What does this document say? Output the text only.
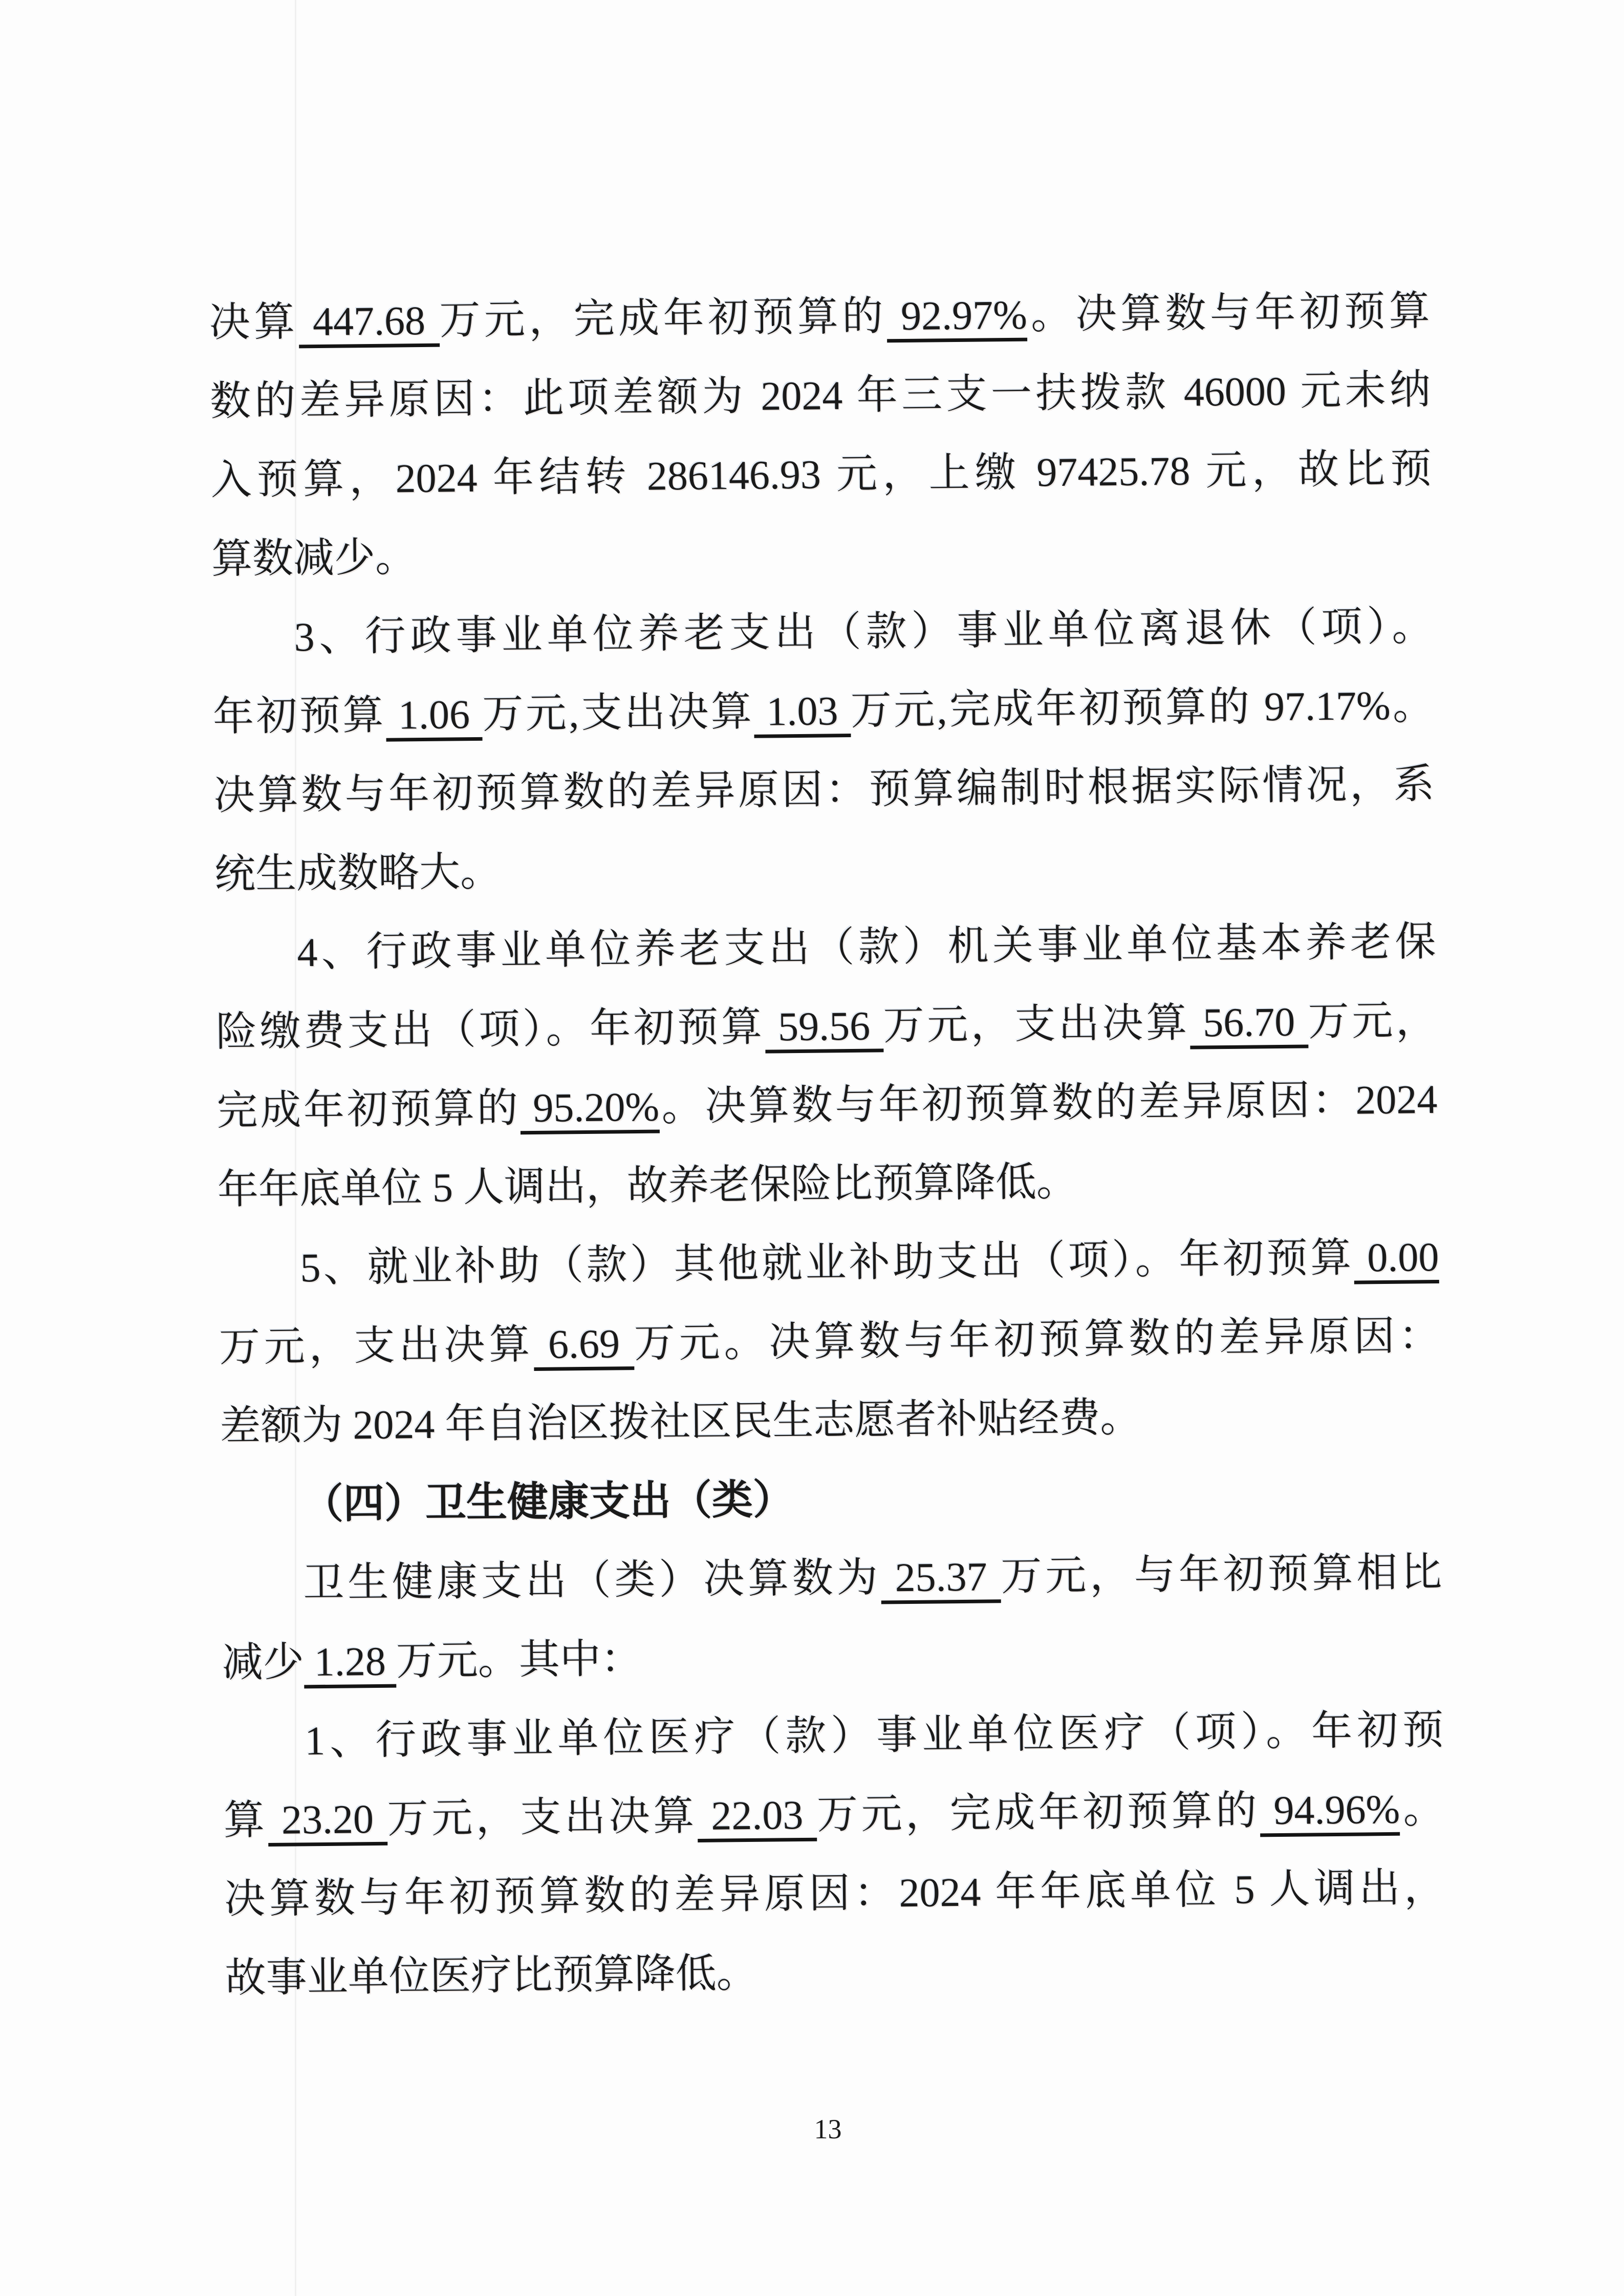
决算 447.68 万元，完成年初预算的 92.97%。决算数与年初预算
数的差异原因：此项差额为 2024 年三支一扶拨款 46000 元未纳
入预算，2024 年结转 286146.93 元，上缴 97425.78 元，故比预
算数减少。
3、行政事业单位养老支出（款）事业单位离退休（项）。
年初预算 1.06 万元,支出决算 1.03 万元,完成年初预算的 97.17%。
决算数与年初预算数的差异原因：预算编制时根据实际情况，系
统生成数略大。
4、行政事业单位养老支出（款）机关事业单位基本养老保
险缴费支出（项）。年初预算 59.56 万元，支出决算 56.70 万元，
完成年初预算的 95.20%。决算数与年初预算数的差异原因：2024
年年底单位 5 人调出，故养老保险比预算降低。
5、就业补助（款）其他就业补助支出（项）。年初预算 0.00
万元，支出决算 6.69 万元。决算数与年初预算数的差异原因：
差额为 2024 年自治区拨社区民生志愿者补贴经费。
（四）卫生健康支出（类）
卫生健康支出（类）决算数为 25.37 万元，与年初预算相比
减少 1.28 万元。其中：
1、行政事业单位医疗（款）事业单位医疗（项）。年初预
算 23.20 万元，支出决算 22.03 万元，完成年初预算的 94.96%。
决算数与年初预算数的差异原因：2024 年年底单位 5 人调出，
故事业单位医疗比预算降低。
13
